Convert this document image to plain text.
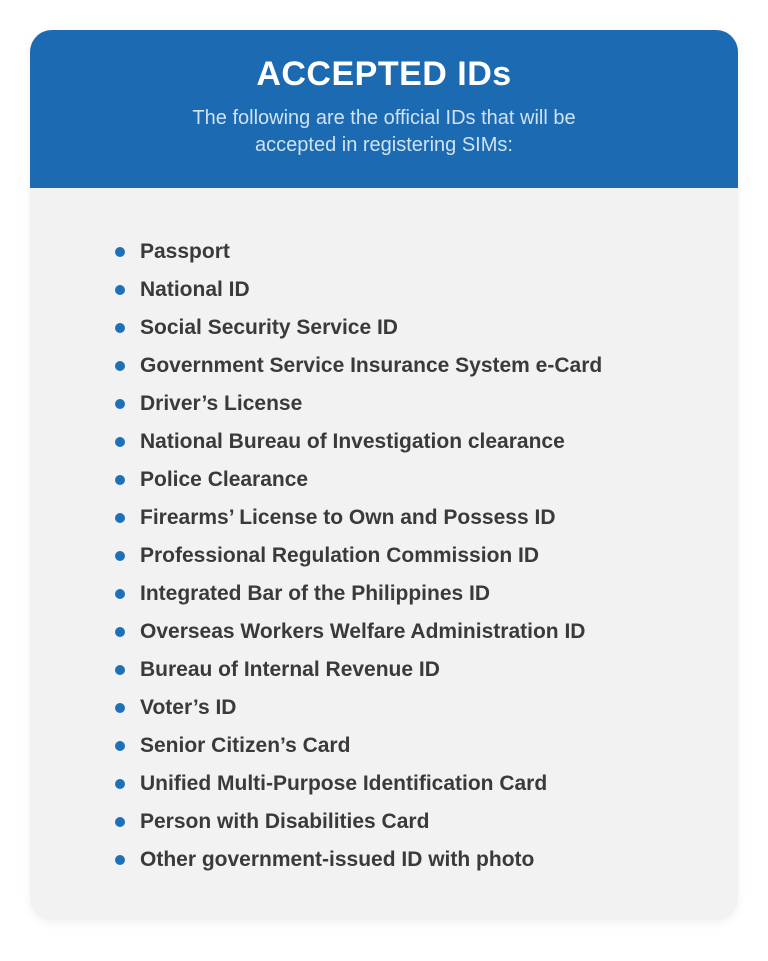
ACCEPTED IDs

The following are the official IDs that will be
accepted in registering SIMs:

Passport
National ID
Social Security Service ID
Government Service Insurance System e-Card
Driver’s License
National Bureau of Investigation clearance
Police Clearance
Firearms’ License to Own and Possess ID
Professional Regulation Commission ID
Integrated Bar of the Philippines ID
Overseas Workers Welfare Administration ID
Bureau of Internal Revenue ID
Voter’s ID
Senior Citizen’s Card
Unified Multi-Purpose Identification Card
Person with Disabilities Card
Other government-issued ID with photo
